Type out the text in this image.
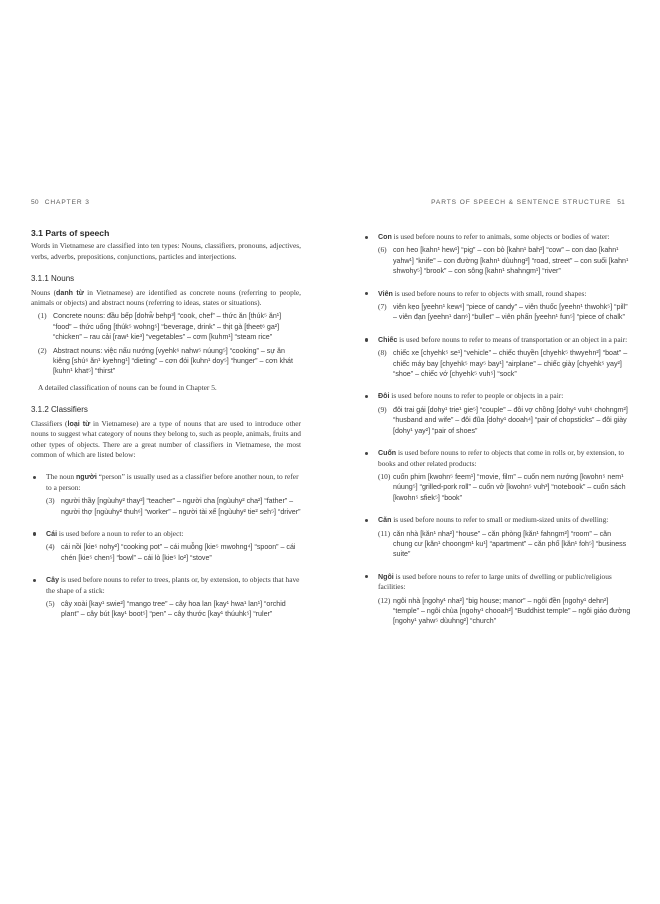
50 CHAPTER 3	PARTS OF SPEECH & SENTENCE STRUCTURE 51
3.1 Parts of speech

Words in Vietnamese are classified into ten types: Nouns, classifiers, pronouns, adjectives, verbs, adverbs, prepositions, conjunctions, particles and interjections.

3.1.1 Nouns

Nouns (danh từ in Vietnamese) are identified as concrete nouns (referring to people, animals or objects) and abstract nouns (referring to ideas, states or situations).

(1) Concrete nouns: đầu bếp [dohw̃ behp³] “cook, chef” – thức ăn [thúk⁵ ăn¹] “food” – thức uống [thúk⁵ wohng⁵] “beverage, drink” – thịt gà [theet⁶ ga²] “chicken” – rau cải [raw¹ kie³] “vegetables” – cơm [kuhm¹] “steam rice”
(2) Abstract nouns: việc nấu nướng [vyehk⁶ nahw⁵ núung⁵] “cooking” – sự ăn kiêng [shú⁶ ăn¹ kyehng¹] “dieting” – cơn đói [kuhn¹ doy⁵] “hunger” – cơn khát [kuhn¹ khat⁵] “thirst”

A detailed classification of nouns can be found in Chapter 5.

3.1.2 Classifiers

Classifiers (loại từ in Vietnamese) are a type of nouns that are used to introduce other nouns to suggest what category of nouns they belong to, such as people, animals, fruits and other types of objects. There are a great number of classifiers in Vietnamese, the most common of which are listed below:

The noun người “person” is usually used as a classifier before another noun, to refer to a person:
(3) người thầy [ngùuhy² thay²] “teacher” – người cha [ngùuhy² cha²] “father” – người thợ [ngùuhy² thuh⁶] “worker” – người tài xế [ngùuhy² tie² seh⁵] “driver”
Cái is used before a noun to refer to an object:
(4) cái nồi [kie⁵ nohy²] “cooking pot” – cái muỗng [kie⁵ mwohng⁴] “spoon” – cái chén [kie⁵ chen⁵] “bowl” – cái lò [kie⁵ lo²] “stove”
Cây is used before nouns to refer to trees, plants or, by extension, to objects that have the shape of a stick:
(5) cây xoài [kay¹ swie²] “mango tree” – cây hoa lan [kay¹ hwa¹ lan¹] “orchid plant” – cây bút [kay¹ boot⁵] “pen” – cây thước [kay¹ thúuhk⁵] “ruler”
Con is used before nouns to refer to animals, some objects or bodies of water:
(6) con heo [kahn¹ hew¹] “pig” – con bò [kahn¹ bah²] “cow” – con dao [kahn¹ yahw¹] “knife” – con đường [kahn¹ dùuhng²] “road, street” – con suối [kahn¹ shwohy⁵] “brook” – con sông [kahn¹ shahngm¹] “river”
Viên is used before nouns to refer to objects with small, round shapes:
(7) viên kẹo [yeehn¹ kew⁶] “piece of candy” – viên thuốc [yeehn¹ thwohk⁵] “pill” – viên đạn [yeehn¹ dan⁶] “bullet” – viên phấn [yeehn¹ fun⁵] “piece of chalk”
Chiếc is used before nouns to refer to means of transportation or an object in a pair:
(8) chiếc xe [chyehk⁵ se¹] “vehicle” – chiếc thuyền [chyehk⁵ thwyehn²] “boat” – chiếc máy bay [chyehk⁵ may⁵ bay¹] “airplane” – chiếc giày [chyehk⁵ yay²] “shoe” – chiếc vớ [chyehk⁵ vuh⁵] “sock”
Đôi is used before nouns to refer to people or objects in a pair:
(9) đôi trai gái [dohy¹ trie¹ gie⁵] “couple” – đôi vợ chồng [dohy¹ vuh⁶ chohngm²] “husband and wife” – đôi đũa [dohy¹ dooah⁴] “pair of chopsticks” – đôi giày [dohy¹ yay²] “pair of shoes”
Cuốn is used before nouns to refer to objects that come in rolls or, by extension, to books and other related products:
(10) cuốn phim [kwohn⁵ feem¹] “movie, film” – cuốn nem nướng [kwohn⁵ nem¹ núung⁵] “grilled-pork roll” – cuốn vở [kwohn⁵ vuh³] “notebook” – cuốn sách [kwohn⁵ sfiek⁵] “book”
Căn is used before nouns to refer to small or medium-sized units of dwelling:
(11) căn nhà [kăn¹ nha²] “house” – căn phòng [kăn¹ fahngm²] “room” – căn chung cư [kăn¹ choongm¹ ku¹] “apartment” – căn phố [kăn¹ foh⁵] “business suite”
Ngôi is used before nouns to refer to large units of dwelling or public/religious facilities:
(12) ngôi nhà [ngohy¹ nha²] “big house; manor” – ngôi đền [ngohy¹ dehn²] “temple” – ngôi chùa [ngohy¹ chooah²] “Buddhist temple” – ngôi giáo đường [ngohy¹ yahw⁵ dùuhng²] “church”
